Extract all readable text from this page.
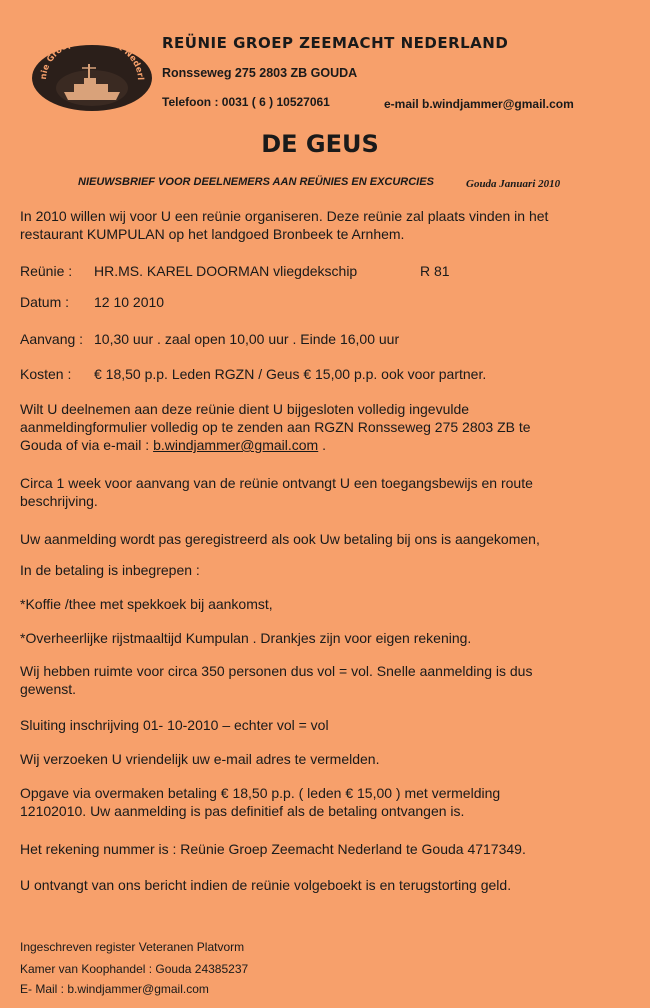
nie Groep Zeemacht Nederl
REÜNIE GROEP ZEEMACHT NEDERLAND
Ronsseweg 275 2803 ZB GOUDA
Telefoon : 0031 ( 6 ) 10527061	e-mail b.windjammer@gmail.com
DE GEUS
NIEUWSBRIEF VOOR DEELNEMERS AAN REÜNIES EN EXCURCIES	Gouda Januari 2010

In 2010 willen wij voor U een reünie organiseren. Deze reünie zal plaats vinden in het

restaurant KUMPULAN op het landgoed Bronbeek te Arnhem.

Reünie : HR.MS. KAREL DOORMAN vliegdekschip	R 81
Datum : 12 10 2010
Aanvang : 10,30 uur . zaal open 10,00 uur . Einde 16,00 uur
Kosten : € 18,50 p.p. Leden RGZN / Geus € 15,00 p.p. ook voor partner.

Wilt U deelnemen aan deze reünie dient U bijgesloten volledig ingevulde

aanmeldingformulier volledig op te zenden aan RGZN Ronsseweg 275 2803 ZB te

Gouda of via e-mail : b.windjammer@gmail.com .

Circa 1 week voor aanvang van de reünie ontvangt U een toegangsbewijs en route

beschrijving.

Uw aanmelding wordt pas geregistreerd als ook Uw betaling bij ons is aangekomen,

In de betaling is inbegrepen :

*Koffie /thee met spekkoek bij aankomst,

*Overheerlijke rijstmaaltijd Kumpulan . Drankjes zijn voor eigen rekening.

Wij hebben ruimte voor circa 350 personen dus vol = vol. Snelle aanmelding is dus

gewenst.

Sluiting inschrijving 01- 10-2010 – echter vol = vol

Wij verzoeken U vriendelijk uw e-mail adres te vermelden.

Opgave via overmaken betaling € 18,50 p.p. ( leden € 15,00 ) met vermelding

12102010. Uw aanmelding is pas definitief als de betaling ontvangen is.

Het rekening nummer is : Reünie Groep Zeemacht Nederland te Gouda 4717349.

U ontvangt van ons bericht indien de reünie volgeboekt is en terugstorting geld.

Ingeschreven register Veteranen Platvorm
Kamer van Koophandel : Gouda 24385237
E- Mail : b.windjammer@gmail.com
